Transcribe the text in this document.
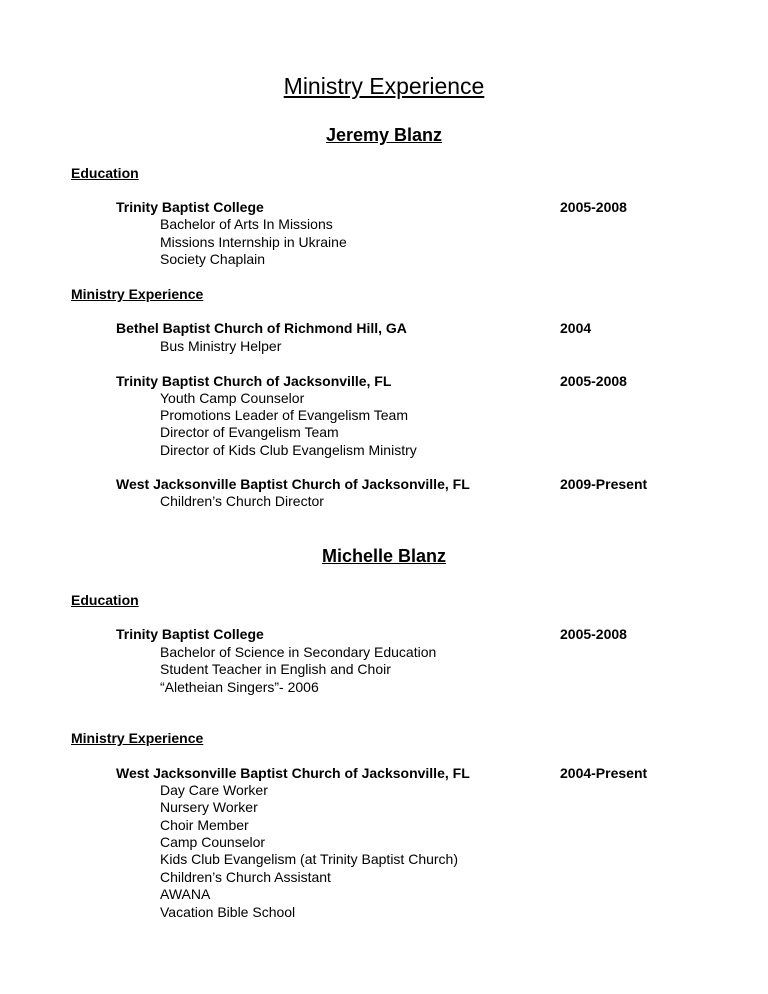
Ministry Experience
Jeremy Blanz
Education
Trinity Baptist College	2005-2008
Bachelor of Arts In Missions
Missions Internship in Ukraine
Society Chaplain
Ministry Experience
Bethel Baptist Church of Richmond Hill, GA	2004
Bus Ministry Helper
Trinity Baptist Church of Jacksonville, FL	2005-2008
Youth Camp Counselor
Promotions Leader of Evangelism Team
Director of Evangelism Team
Director of Kids Club Evangelism Ministry
West Jacksonville Baptist Church of Jacksonville, FL	2009-Present
Children’s Church Director
Michelle Blanz
Education
Trinity Baptist College	2005-2008
Bachelor of Science in Secondary Education
Student Teacher in English and Choir
“Aletheian Singers”- 2006
Ministry Experience
West Jacksonville Baptist Church of Jacksonville, FL	2004-Present
Day Care Worker
Nursery Worker
Choir Member
Camp Counselor
Kids Club Evangelism (at Trinity Baptist Church)
Children’s Church Assistant
AWANA
Vacation Bible School
